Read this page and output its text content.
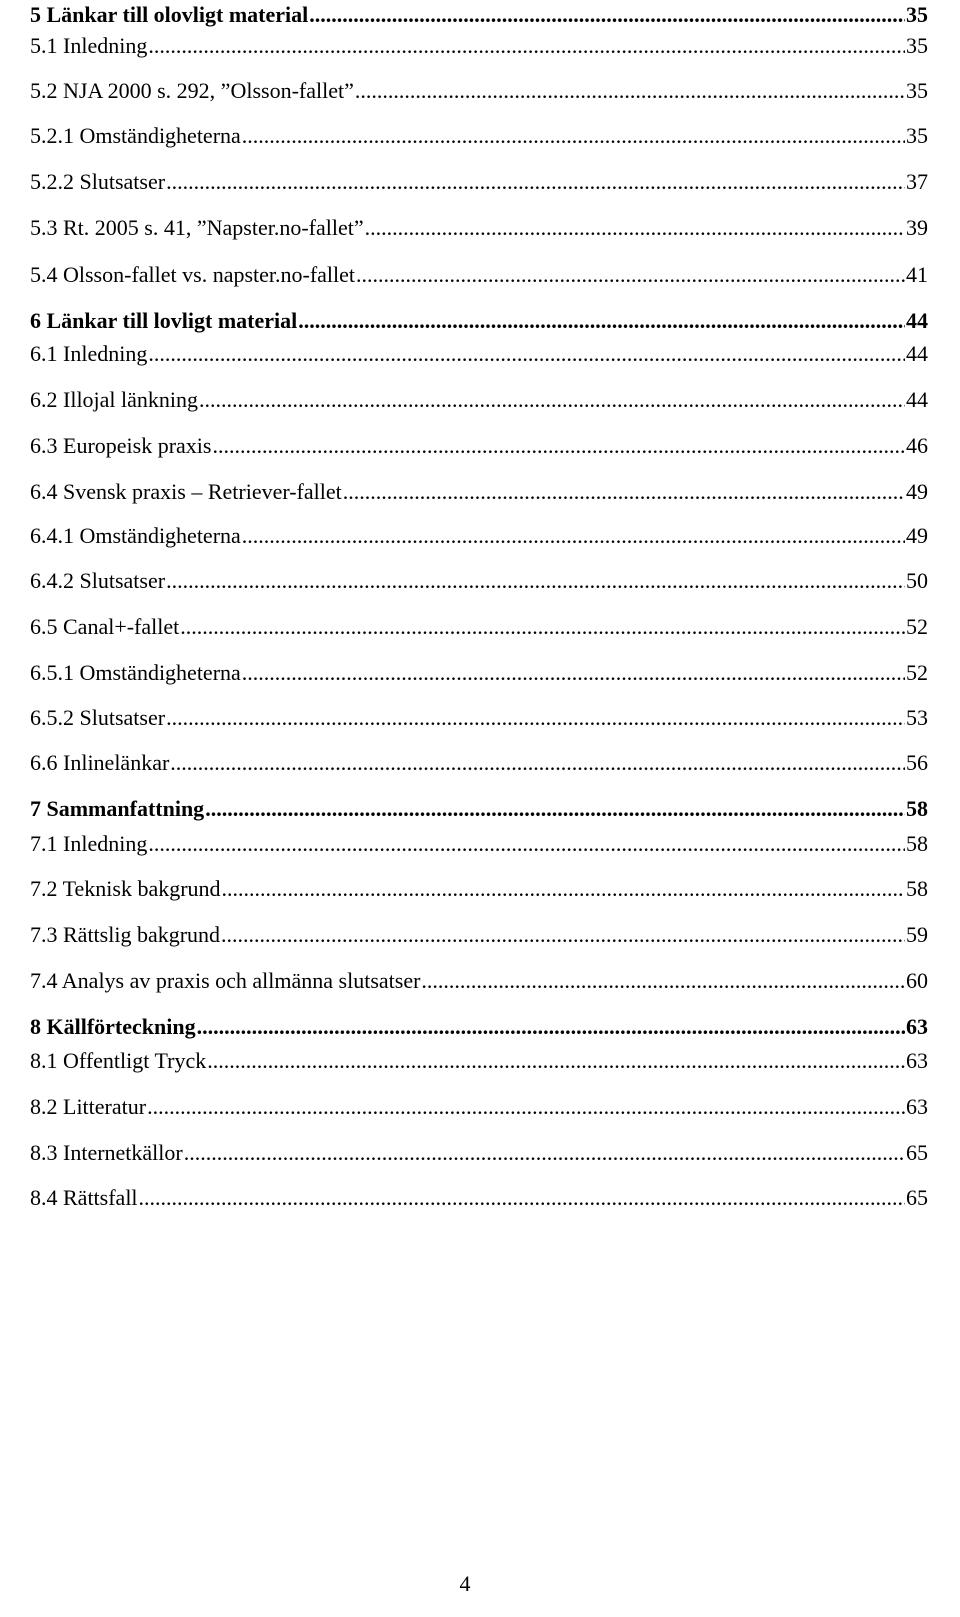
5 Länkar till olovligt material .....	35
5.1 Inledning .....	35
5.2 NJA 2000 s. 292, ”Olsson-fallet” .....	35
5.2.1 Omständigheterna .....	35
5.2.2 Slutsatser .....	37
5.3 Rt. 2005 s. 41, ”Napster.no-fallet” .....	39
5.4 Olsson-fallet vs. napster.no-fallet .....	41
6 Länkar till lovligt material .....	44
6.1 Inledning .....	44
6.2 Illojal länkning .....	44
6.3 Europeisk praxis .....	46
6.4 Svensk praxis – Retriever-fallet .....	49
6.4.1 Omständigheterna .....	49
6.4.2 Slutsatser .....	50
6.5 Canal+-fallet .....	52
6.5.1 Omständigheterna .....	52
6.5.2 Slutsatser .....	53
6.6 Inlinelänkar .....	56
7 Sammanfattning .....	58
7.1 Inledning .....	58
7.2 Teknisk bakgrund .....	58
7.3 Rättslig bakgrund .....	59
7.4 Analys av praxis och allmänna slutsatser .....	60
8 Källförteckning .....	63
8.1 Offentligt Tryck .....	63
8.2 Litteratur .....	63
8.3 Internetkällor .....	65
8.4 Rättsfall .....	65
4
